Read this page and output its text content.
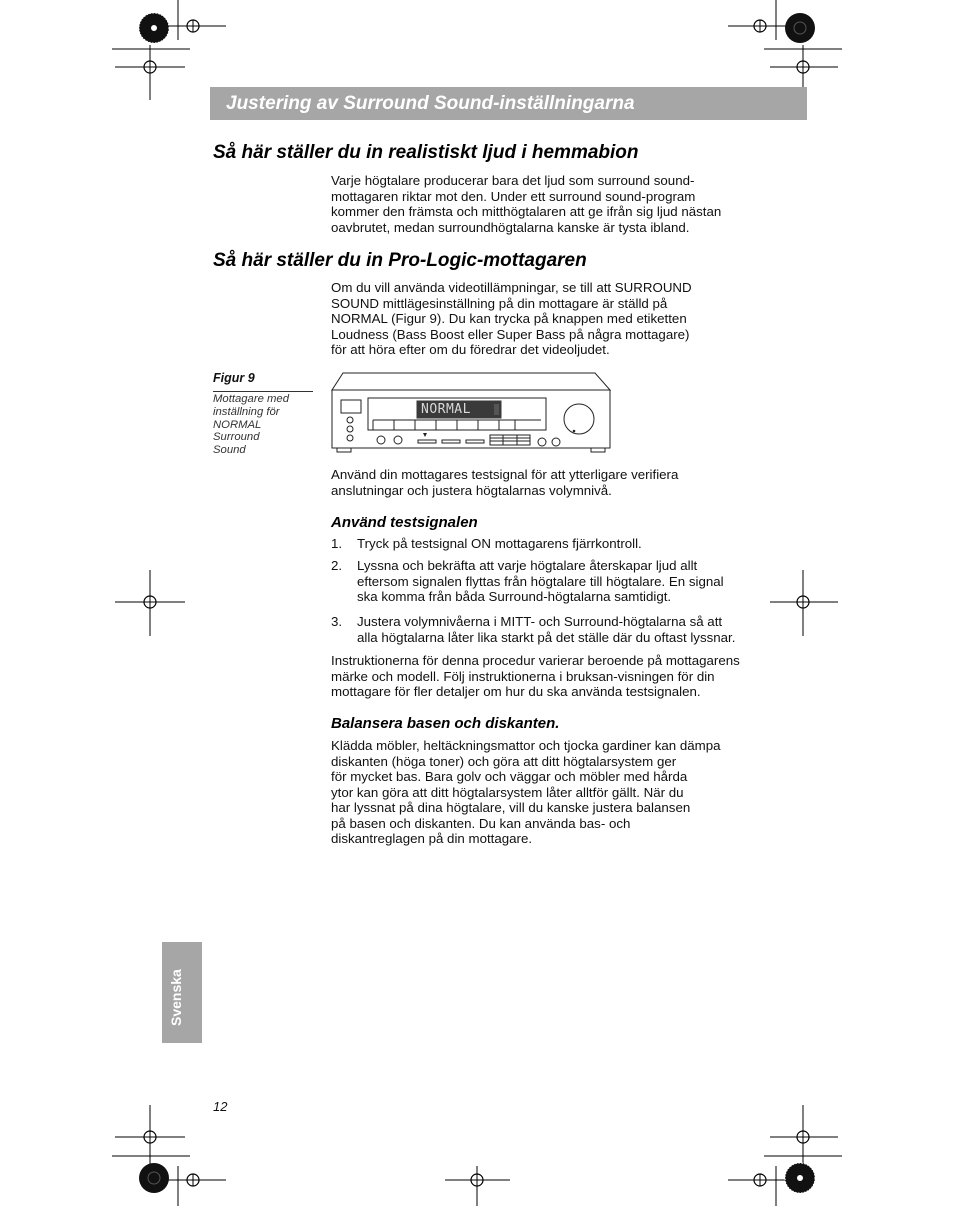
Justering av Surround Sound-inställningarna
Så här ställer du in realistiskt ljud i hemmabion
Varje högtalare producerar bara det ljud som surround sound-
mottagaren riktar mot den. Under ett surround sound-program
kommer den främsta och mitthögtalaren att ge ifrån sig ljud nästan
oavbrutet, medan surroundhögtalarna kanske är tysta ibland.
Så här ställer du in Pro-Logic-mottagaren
Om du vill använda videotillämpningar, se till att SURROUND
SOUND mittlägesinställning på din mottagare är ställd på
NORMAL (Figur 9). Du kan trycka på knappen med etiketten
Loudness (Bass Boost eller Super Bass på några mottagare)
för att höra efter om du föredrar det videoljudet.
Figur 9
Mottagare med
inställning för
NORMAL
Surround
Sound
NORMAL
Använd din mottagares testsignal för att ytterligare verifiera
anslutningar och justera högtalarnas volymnivå.
Använd testsignalen
1. Tryck på testsignal ON mottagarens fjärrkontroll.
2. Lyssna och bekräfta att varje högtalare återskapar ljud allt
eftersom signalen flyttas från högtalare till högtalare. En signal
ska komma från båda Surround-högtalarna samtidigt.
3. Justera volymnivåerna i MITT- och Surround-högtalarna så att
alla högtalarna låter lika starkt på det ställe där du oftast lyssnar.
Instruktionerna för denna procedur varierar beroende på mottagarens
märke och modell. Följ instruktionerna i bruksan-visningen för din
mottagare för fler detaljer om hur du ska använda testsignalen.
Balansera basen och diskanten.
Klädda möbler, heltäckningsmattor och tjocka gardiner kan dämpa
diskanten (höga toner) och göra att ditt högtalarsystem ger
för mycket bas. Bara golv och väggar och möbler med hårda
ytor kan göra att ditt högtalarsystem låter alltför gällt. När du
har lyssnat på dina högtalare, vill du kanske justera balansen
på basen och diskanten. Du kan använda bas- och
diskantreglagen på din mottagare.
Svenska
12
